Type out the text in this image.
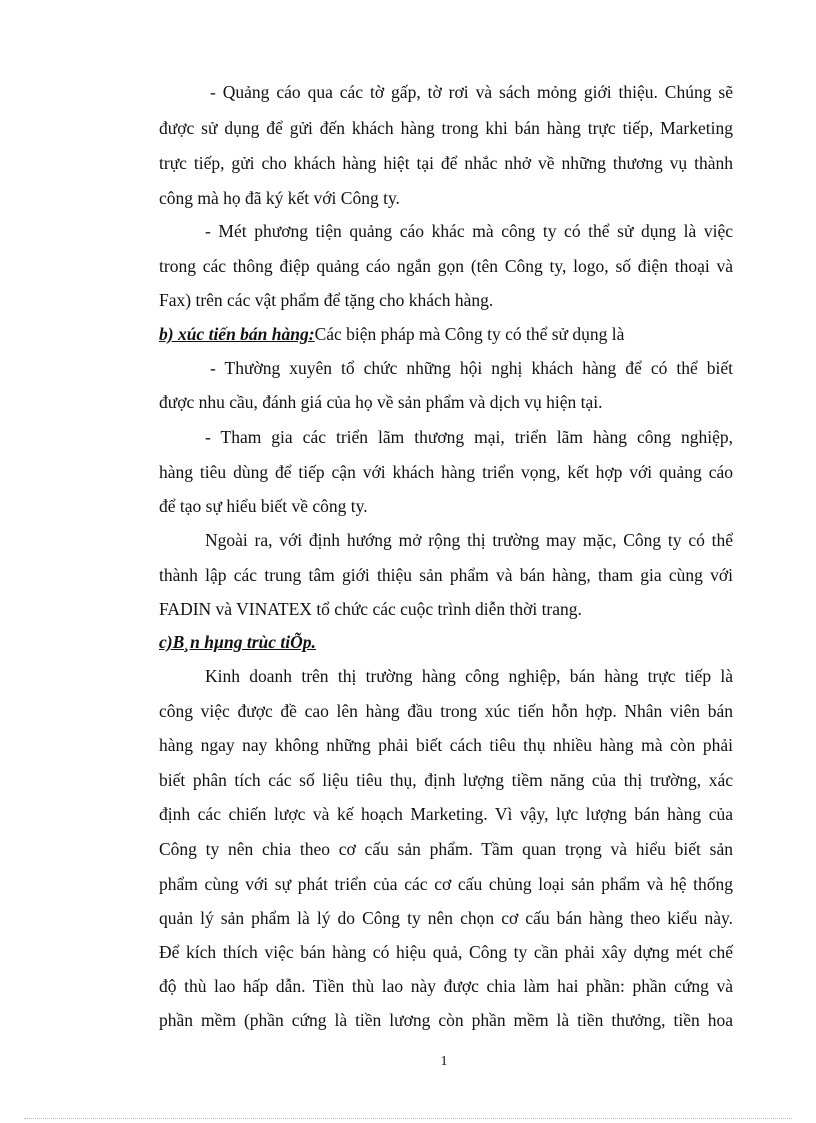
- Quảng cáo qua các tờ gấp, tờ rơi và sách mỏng giới thiệu. Chúng sẽ
được sử dụng để gửi đến khách hàng trong khi bán hàng trực tiếp, Marketing
trực tiếp, gửi cho khách hàng hiệt tại để nhắc nhở về những thương vụ thành
công mà họ đã ký kết với Công ty.
- Mét phương tiện quảng cáo khác mà công ty có thể sử dụng là việc
trong các thông điệp quảng cáo ngắn gọn (tên Công ty, logo, số điện thoại và
Fax) trên các vật phẩm để tặng cho khách hàng.
b) xúc tiến bán hàng:Các biện pháp mà Công ty có thể sử dụng là
- Thường xuyên tổ chức những hội nghị khách hàng để có thể biết
được nhu cầu, đánh giá của họ về sản phẩm và dịch vụ hiện tại.
- Tham gia các triển lãm thương mại, triển lãm hàng công nghiệp,
hàng tiêu dùng để tiếp cận với khách hàng triển vọng, kết hợp với quảng cáo
để tạo sự hiểu biết về công ty.
Ngoài ra, với định hướng mở rộng thị trường may mặc, Công ty có thể
thành lập các trung tâm giới thiệu sản phẩm và bán hàng, tham gia cùng với
FADIN và VINATEX tổ chức các cuộc trình diễn thời trang.
c)B¸n hµng trùc tiÕp.
Kinh doanh trên thị trường hàng công nghiệp, bán hàng trực tiếp là
công việc được đề cao lên hàng đầu trong xúc tiến hỗn hợp. Nhân viên bán
hàng ngay nay không những phải biết cách tiêu thụ nhiều hàng mà còn phải
biết phân tích các số liệu tiêu thụ, định lượng tiềm năng của thị trường, xác
định các chiến lược và kế hoạch Marketing. Vì vậy, lực lượng bán hàng của
Công ty nên chia theo cơ cấu sản phẩm. Tầm quan trọng và hiểu biết sản
phẩm cùng với sự phát triển của các cơ cấu chủng loại sản phẩm và hệ thống
quản lý sản phẩm là lý do Công ty nên chọn cơ cấu bán hàng theo kiểu này.
Để kích thích việc bán hàng có hiệu quả, Công ty cần phải xây dựng mét chế
độ thù lao hấp dẫn. Tiền thù lao này được chia làm hai phần: phần cứng và
phần mềm (phần cứng là tiền lương còn phần mềm là tiền thưởng, tiền hoa
1
